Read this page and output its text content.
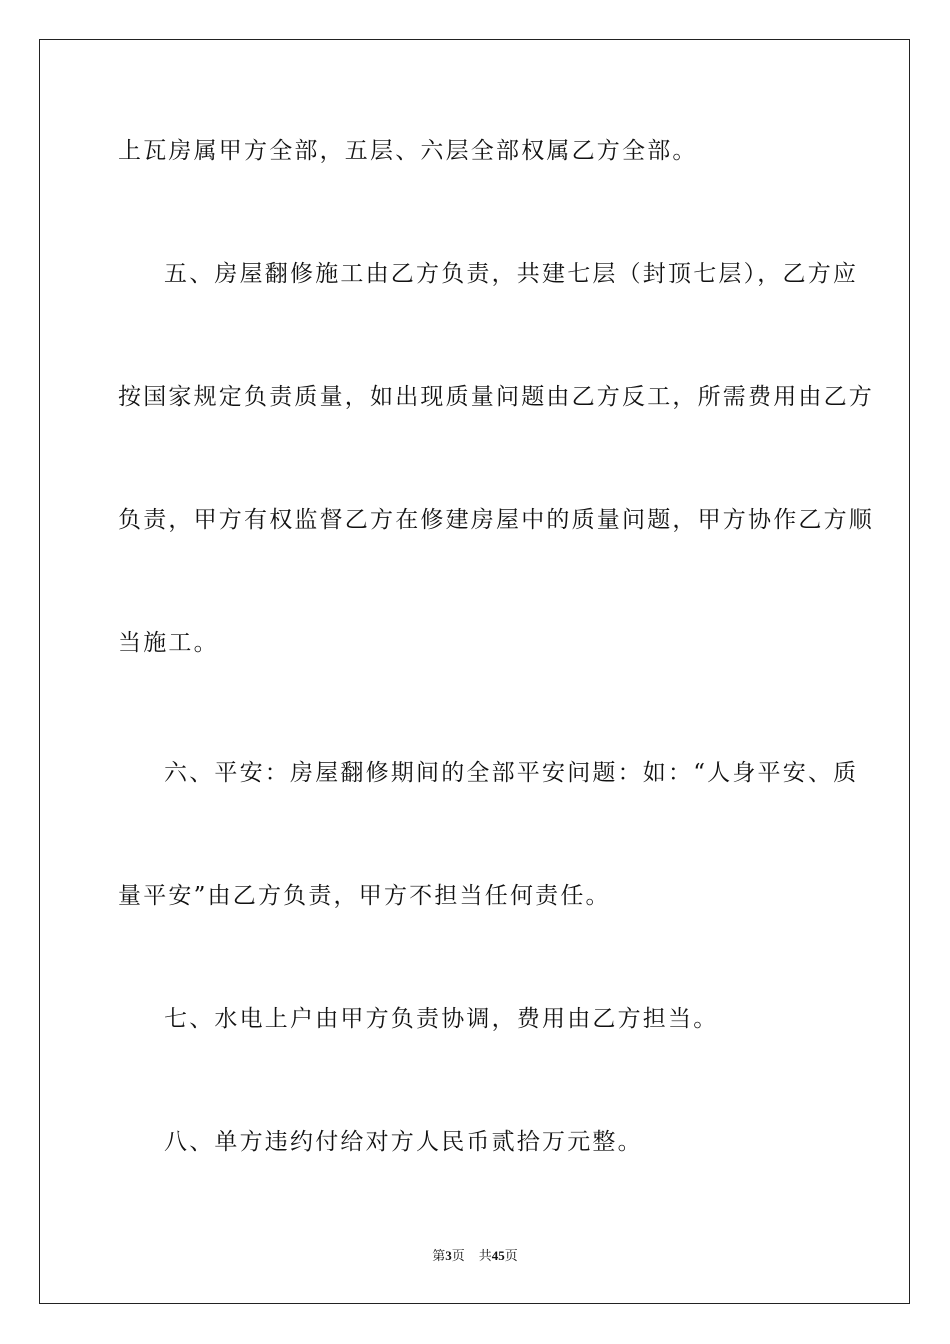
上瓦房属甲方全部，五层、六层全部权属乙方全部。
五、房屋翻修施工由乙方负责，共建七层（封顶七层），乙方应
按国家规定负责质量，如出现质量问题由乙方反工，所需费用由乙方
负责，甲方有权监督乙方在修建房屋中的质量问题，甲方协作乙方顺
当施工。
六、平安：房屋翻修期间的全部平安问题：如：“人身平安、质
量平安”由乙方负责，甲方不担当任何责任。
七、水电上户由甲方负责协调，费用由乙方担当。
八、单方违约付给对方人民币贰拾万元整。
第3页 共45页
